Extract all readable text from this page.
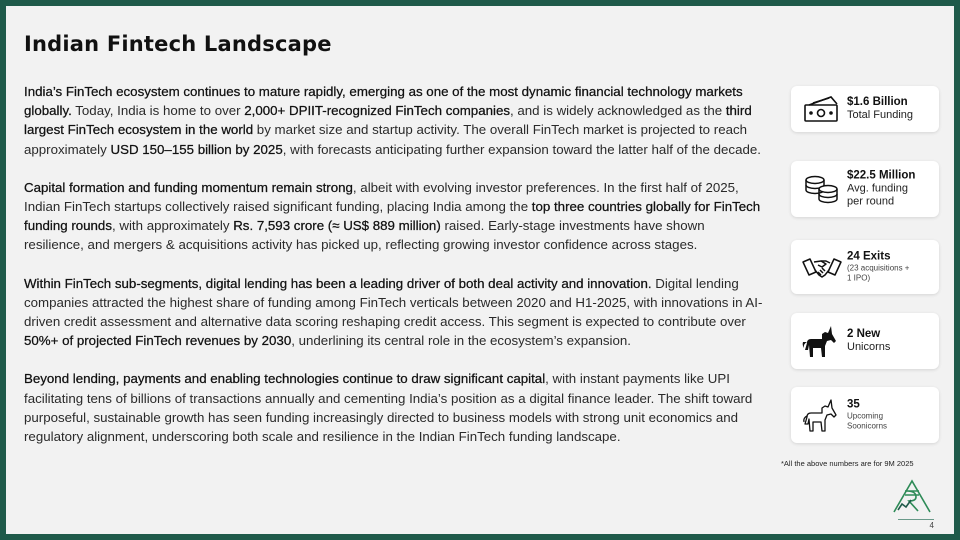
Indian Fintech Landscape

India’s FinTech ecosystem continues to mature rapidly, emerging as one of the most dynamic financial technology markets globally. Today, India is home to over 2,000+ DPIIT-recognized FinTech companies, and is widely acknowledged as the third largest FinTech ecosystem in the world by market size and startup activity. The overall FinTech market is projected to reach approximately USD 150–155 billion by 2025, with forecasts anticipating further expansion toward the latter half of the decade.

Capital formation and funding momentum remain strong, albeit with evolving investor preferences. In the first half of 2025, Indian FinTech startups collectively raised significant funding, placing India among the top three countries globally for FinTech funding rounds, with approximately Rs. 7,593 crore (≈ US$ 889 million) raised. Early-stage investments have shown resilience, and mergers & acquisitions activity has picked up, reflecting growing investor confidence across stages.

Within FinTech sub-segments, digital lending has been a leading driver of both deal activity and innovation. Digital lending companies attracted the highest share of funding among FinTech verticals between 2020 and H1-2025, with innovations in AI-driven credit assessment and alternative data scoring reshaping credit access. This segment is expected to contribute over 50%+ of projected FinTech revenues by 2030, underlining its central role in the ecosystem’s expansion.

Beyond lending, payments and enabling technologies continue to draw significant capital, with instant payments like UPI facilitating tens of billions of transactions annually and cementing India’s position as a digital finance leader. The shift toward purposeful, sustainable growth has seen funding increasingly directed to business models with strong unit economics and regulatory alignment, underscoring both scale and resilience in the Indian FinTech funding landscape.

$1.6 Billion
Total Funding
$22.5 Million
Avg. funding
per round
24 Exits
(23 acquisitions +
1 IPO)
2 New
Unicorns
35
Upcoming
Soonicorns
*All the above numbers are for 9M 2025
4
